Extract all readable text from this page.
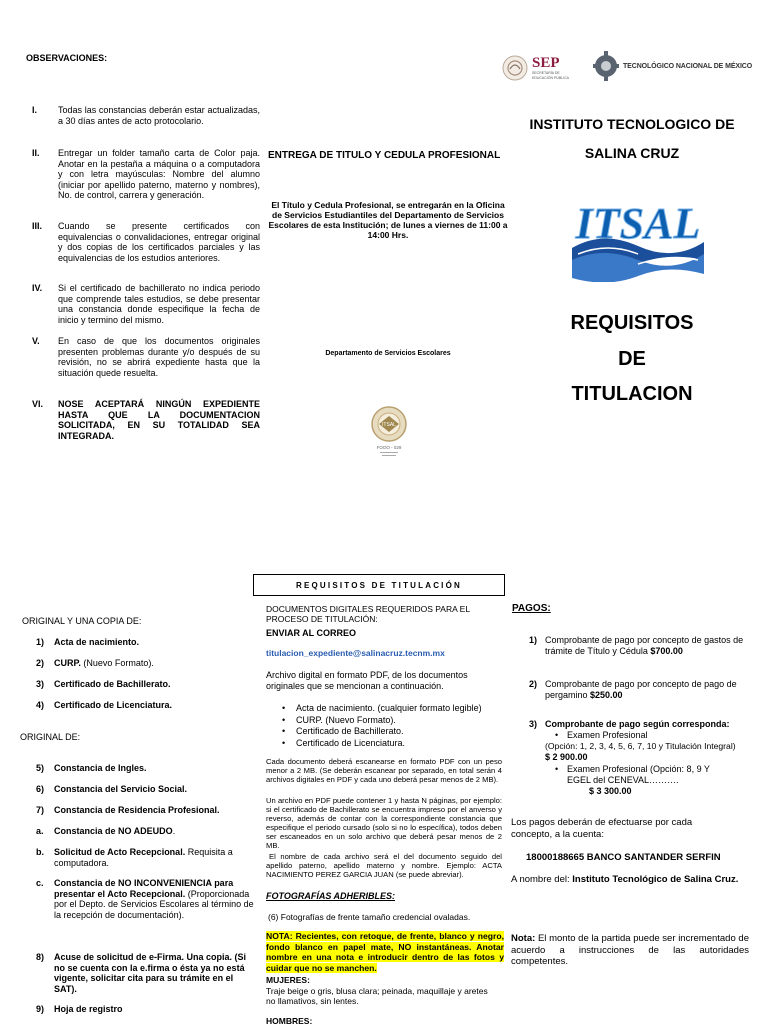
OBSERVACIONES:
I.	Todas las constancias deberán estar actualizadas, a 30 días antes de acto protocolario.
II.	Entregar un folder tamaño carta de Color paja. Anotar en la pestaña a máquina o a computadora y con letra mayúsculas: Nombre del alumno (iniciar por apellido paterno, materno y nombres), No. de control, carrera y generación.
III.	Cuando se presente certificados con equivalencias o convalidaciones, entregar original y dos copias de los certificados parciales y las equivalencias de los estudios anteriores.
IV.	Si el certificado de bachillerato no indica periodo que comprende tales estudios, se debe presentar una constancia donde especifique la fecha de inicio y termino del mismo.
V.	En caso de que los documentos originales presenten problemas durante y/o después de su revisión, no se abrirá expediente hasta que la situación quede resuelta.
VI.	NOSE ACEPTARÁ NINGÚN EXPEDIENTE HASTA QUE LA DOCUMENTACION SOLICITADA, EN SU TOTALIDAD SEA INTEGRADA.
ENTREGA DE TITULO Y CEDULA PROFESIONAL
El Título y Cedula Profesional, se entregarán en la Oficina de Servicios Estudiantiles del Departamento de Servicios Escolares de esta Institución; de lunes a viernes de 11:00 a 14:00 Hrs.
Departamento de Servicios Escolares
ITSAL
FOOO - 029
SEP
SECRETARÍA DE EDUCACIÓN PÚBLICA
TECNOLÓGICO NACIONAL DE MÉXICO
INSTITUTO TECNOLOGICO DE
SALINA CRUZ
ITSAL
REQUISITOS
DE
TITULACION
REQUISITOS DE TITULACIÓN
ORIGINAL Y UNA COPIA DE:
1) Acta de nacimiento.
2) CURP. (Nuevo Formato).
3) Certificado de Bachillerato.
4) Certificado de Licenciatura.
ORIGINAL DE:
5) Constancia de Ingles.
6) Constancia del Servicio Social.
7) Constancia de Residencia Profesional.
a. Constancia de NO ADEUDO.
b. Solicitud de Acto Recepcional. Requisita a computadora.
c. Constancia de NO INCONVENIENCIA para presentar el Acto Recepcional. (Proporcionada por el Depto. de Servicios Escolares al término de la recepción de documentación).
8) Acuse de solicitud de e-Firma. Una copia. (Si no se cuenta con la e.firma o ésta ya no está vigente, solicitar cita para su trámite en el SAT).
9) Hoja de registro
DOCUMENTOS DIGITALES REQUERIDOS PARA EL PROCESO DE TITULACIÓN:
ENVIAR AL CORREO
titulacion_expediente@salinacruz.tecnm.mx
Archivo digital en formato PDF, de los documentos originales que se mencionan a continuación.
• Acta de nacimiento. (cualquier formato legible)
• CURP. (Nuevo Formato).
• Certificado de Bachillerato.
• Certificado de Licenciatura.
Cada documento deberá escanearse en formato PDF con un peso menor a 2 MB. (Se deberán escanear por separado, en total serán 4 archivos digitales en PDF y cada uno deberá pesar menos de 2 MB).
Un archivo en PDF puede contener 1 y hasta N páginas, por ejemplo: si el certificado de Bachillerato se encuentra impreso por el anverso y reverso, además de contar con la correspondiente constancia que especifique el periodo cursado (solo si no lo específica), todos deben ser escaneados en un solo archivo que deberá pesar menos de 2 MB.
El nombre de cada archivo será el del documento seguido del apellido paterno, apellido materno y nombre. Ejemplo: ACTA NACIMIENTO PEREZ GARCIA JUAN (se puede abreviar).
FOTOGRAFÍAS ADHERIBLES:
(6) Fotografías de frente tamaño credencial ovaladas.
NOTA: Recientes, con retoque, de frente, blanco y negro, fondo blanco en papel mate, NO instantáneas. Anotar nombre en una nota e introducir dentro de las fotos y cuidar que no se manchen.
MUJERES:
Traje beige o gris, blusa clara; peinada, maquillaje y aretes no llamativos, sin lentes.
HOMBRES:
PAGOS:
1) Comprobante de pago por concepto de gastos de trámite de Título y Cédula $700.00
2) Comprobante de pago por concepto de pago de pergamino $250.00
3) Comprobante de pago según corresponda:
• Examen Profesional
(Opción: 1, 2, 3, 4, 5, 6, 7, 10 y Titulación Integral)
$ 2 900.00
• Examen Profesional (Opción: 8, 9 Y EGEL del CENEVAL……….
$ 3 300.00
Los pagos deberán de efectuarse por cada concepto, a la cuenta:
18000188665 BANCO SANTANDER SERFIN
A nombre del: Instituto Tecnológico de Salina Cruz.
Nota: El monto de la partida puede ser incrementado de acuerdo a instrucciones de las autoridades competentes.
